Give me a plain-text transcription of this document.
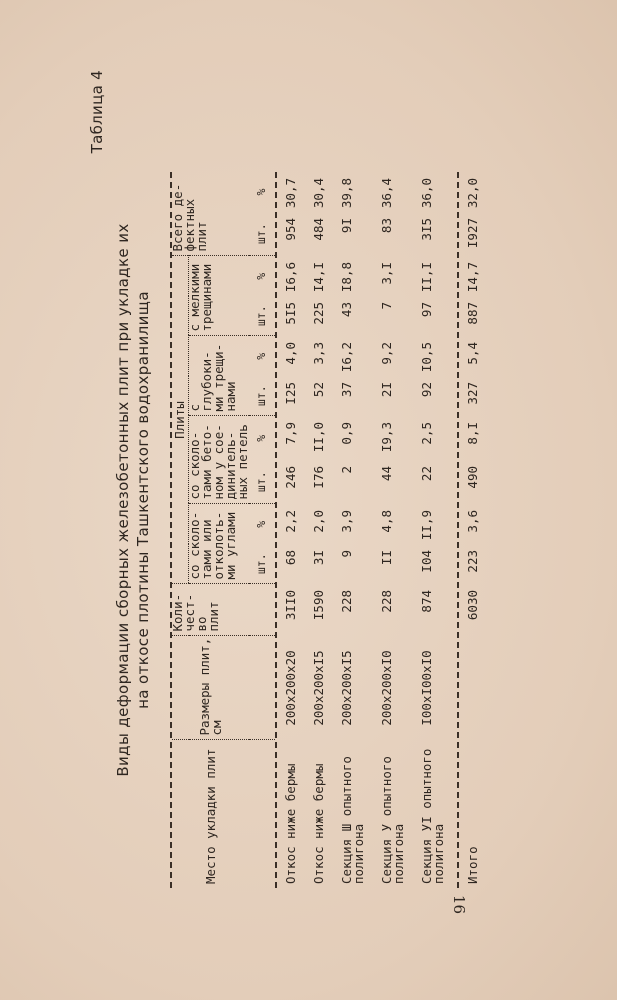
Таблица 4
Виды деформации сборных железобетонных плит при укладке их на откосе плотины Ташкентского водохранилища
16

Место укладки плит	Размеры плит, см	Коли- чест- во плит	Плиты								Всего де- фектных плит	
			со сколо- тами или отколоть- ми углами		со сколо- тами бето- ном у сое- динитель- ных петель		с глубоки- ми трещи- нами		с мелкими трещинами			
			шт.	%	шт.	%	шт.	%	шт.	%	шт.	%

Откос ниже бермы	200x200x20	3II0	68	2,2	246	7,9	I25	4,0	5I5	I6,6	954	30,7
Откос ниже бермы	200x200xI5	I590	3I	2,0	I76	II,0	52	3,3	225	I4,I	484	30,4
Секция Ш опытного полигона	200x200xI5	228	9	3,9	2	0,9	37	I6,2	43	I8,8	9I	39,8
Секция У опытного полигона	200x200xI0	228	II	4,8	44	I9,3	2I	9,2	7	3,I	83	36,4
Секция УI опытного полигона	I00xI00xI0	874	I04	II,9	22	2,5	92	I0,5	97	II,I	3I5	36,0

Итого		6030	223	3,6	490	8,I	327	5,4	887	I4,7	I927	32,0
